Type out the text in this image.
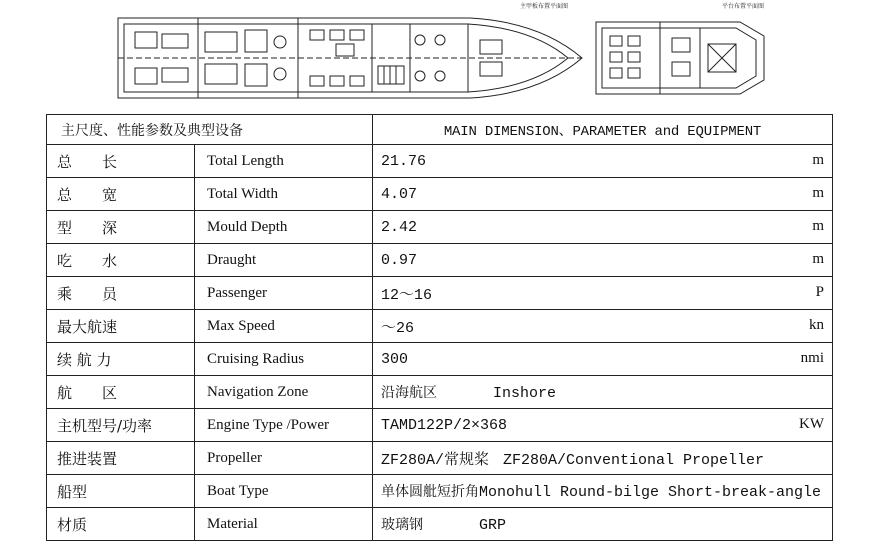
主甲板布置平面图	平台布置平面图
主尺度、性能参数及典型设备		MAIN DIMENSION、PARAMETER and EQUIPMENT
总　　长	Total Length	21.76 m

总　　宽	Total Width	4.07 m

型　　深	Mould Depth	2.42 m

吃　　水	Draught	0.97 m

乘　　员	Passenger	12～16 P

最大航速	Max Speed	～26 kn

续 航 力	Cruising Radius	300 nmi

航　　区	Navigation Zone	沿海航区 Inshore
主机型号/功率	Engine Type /Power	TAMD122P/2×368 KW

推进装置	Propeller	ZF280A/常规桨 ZF280A/Conventional Propeller
船型	Boat Type	单体圆舭短折角Monohull Round-bilge Short-break-angle
材质	Material	玻璃钢 GRP
